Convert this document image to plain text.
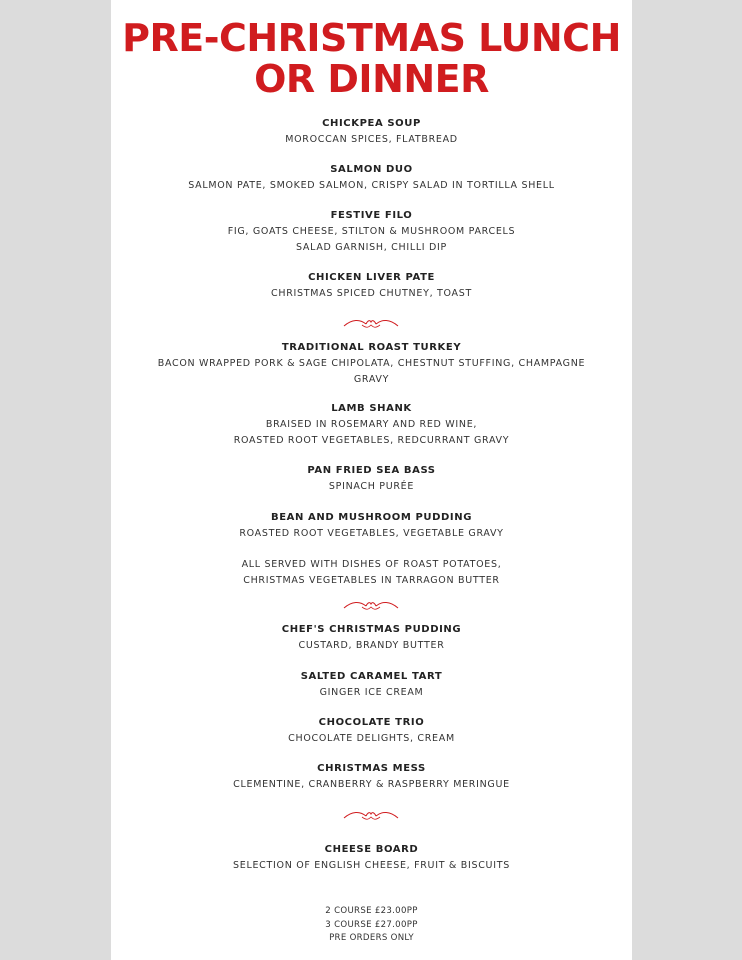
PRE-CHRISTMAS LUNCH
OR DINNER
CHICKPEA SOUP
MOROCCAN SPICES, FLATBREAD
SALMON DUO
SALMON PATE, SMOKED SALMON, CRISPY SALAD IN TORTILLA SHELL
FESTIVE FILO
FIG, GOATS CHEESE, STILTON & MUSHROOM PARCELS
SALAD GARNISH, CHILLI DIP
CHICKEN LIVER PATE
CHRISTMAS SPICED CHUTNEY, TOAST
TRADITIONAL ROAST TURKEY
BACON WRAPPED PORK & SAGE CHIPOLATA, CHESTNUT STUFFING, CHAMPAGNE
GRAVY
LAMB SHANK
BRAISED IN ROSEMARY AND RED WINE,
ROASTED ROOT VEGETABLES, REDCURRANT GRAVY
PAN FRIED SEA BASS
SPINACH PURÉE
BEAN AND MUSHROOM PUDDING
ROASTED ROOT VEGETABLES, VEGETABLE GRAVY
ALL SERVED WITH DISHES OF ROAST POTATOES,
CHRISTMAS VEGETABLES IN TARRAGON BUTTER
CHEF'S CHRISTMAS PUDDING
CUSTARD, BRANDY BUTTER
SALTED CARAMEL TART
GINGER ICE CREAM
CHOCOLATE TRIO
CHOCOLATE DELIGHTS, CREAM
CHRISTMAS MESS
CLEMENTINE, CRANBERRY & RASPBERRY MERINGUE
CHEESE BOARD
SELECTION OF ENGLISH CHEESE, FRUIT & BISCUITS
2 COURSE £23.00PP
3 COURSE £27.00PP
PRE ORDERS ONLY
